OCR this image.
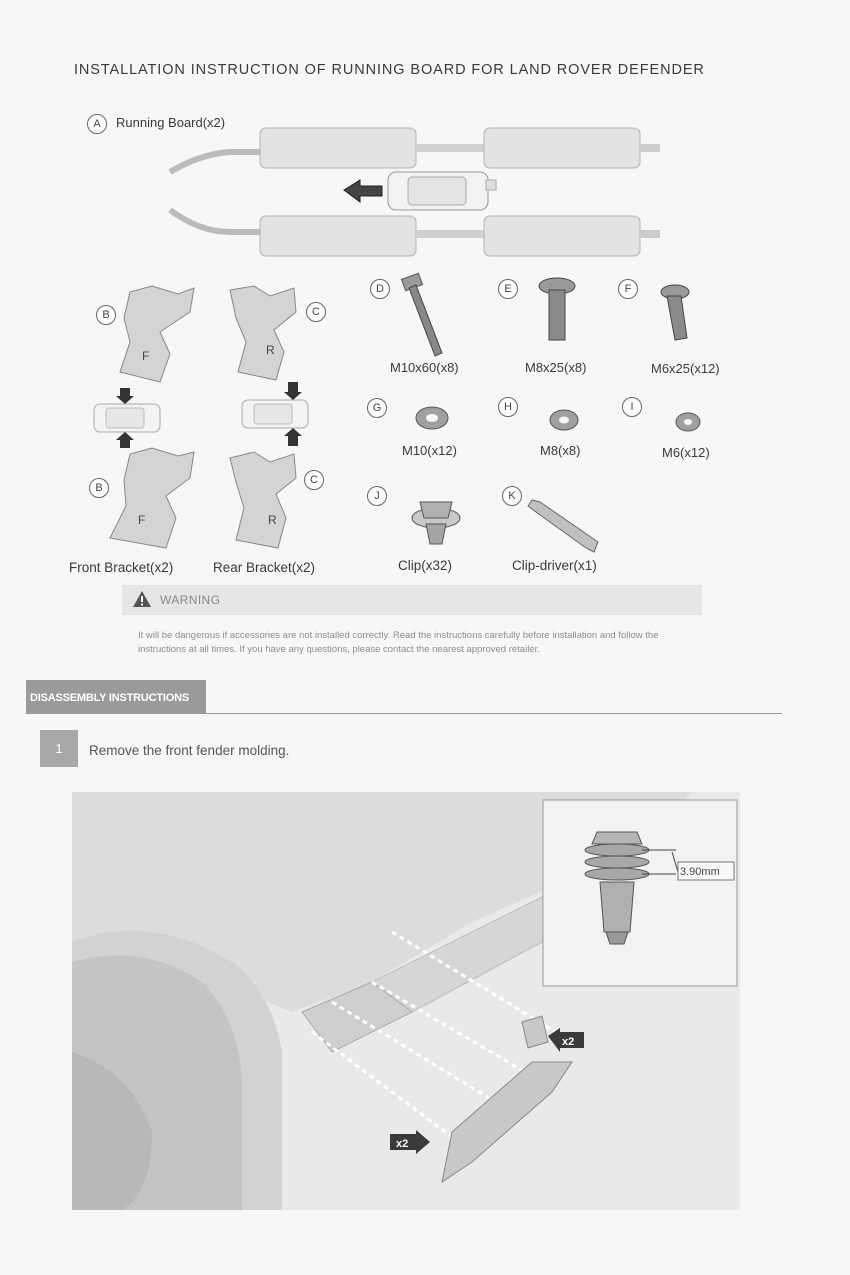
INSTALLATION INSTRUCTION OF RUNNING BOARD FOR LAND ROVER DEFENDER
A	Running Board(x2)
B	C
B
C
F	R
F	R
Front Bracket(x2)	Rear Bracket(x2)
D	E	F
M10x60(x8)	M8x25(x8)	M6x25(x12)
G	H	I
M10(x12)	M8(x8)	M6(x12)
J	K
Clip(x32)	Clip-driver(x1)
WARNING
It will be dangerous if accessories are not installed correctly. Read the instructions carefully before installation and follow the instructions at all times. If you have any questions, please contact the nearest approved retailer.
DISASSEMBLY INSTRUCTIONS
1	Remove the front fender molding.
x2
x2
3.90mm
